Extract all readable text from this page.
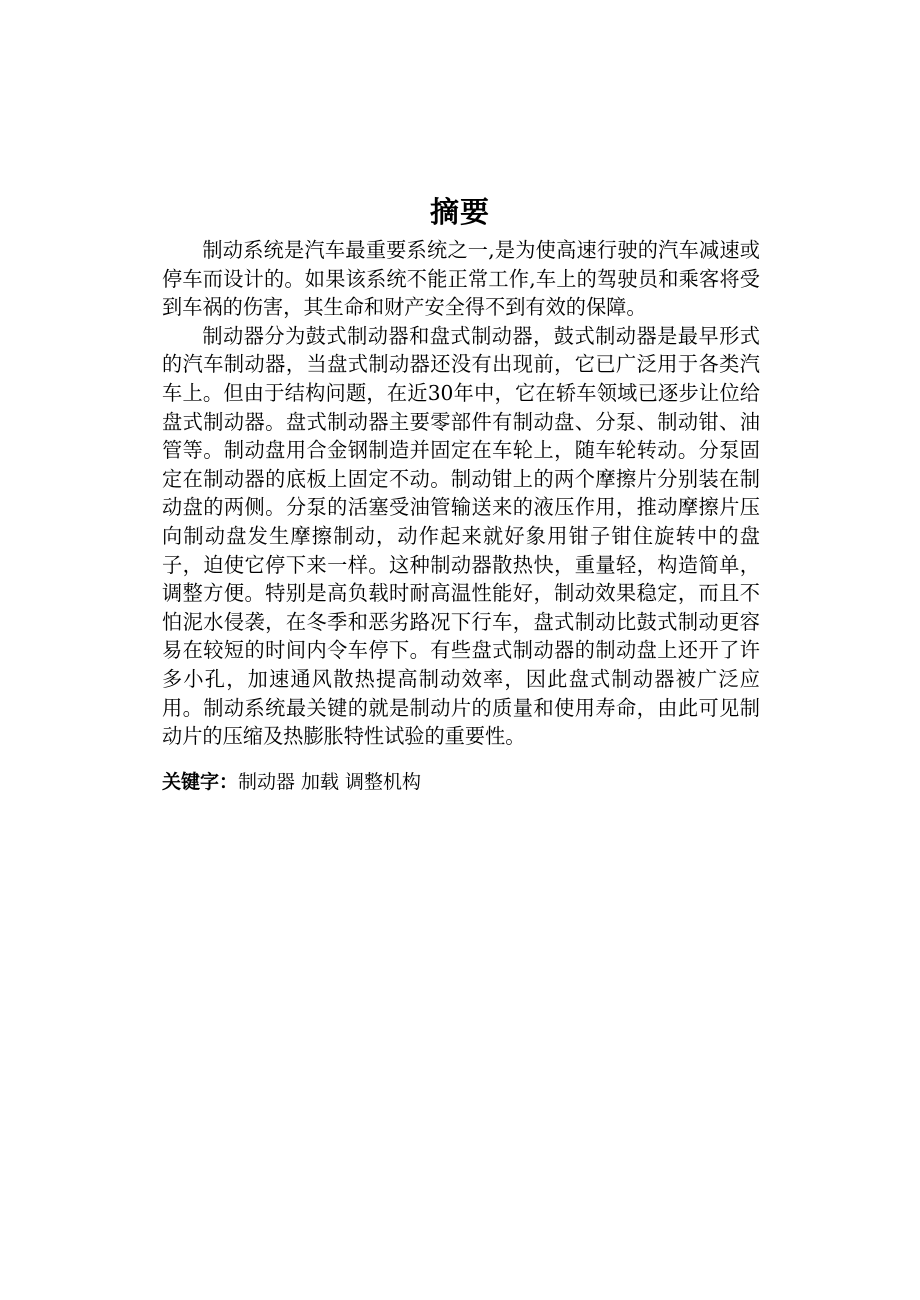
摘要

制动系统是汽车最重要系统之一,是为使高速行驶的汽车减速或停车而设计的。如果该系统不能正常工作,车上的驾驶员和乘客将受到车祸的伤害，其生命和财产安全得不到有效的保障。

制动器分为鼓式制动器和盘式制动器，鼓式制动器是最早形式的汽车制动器，当盘式制动器还没有出现前，它已广泛用于各类汽车上。但由于结构问题，在近30年中，它在轿车领域已逐步让位给盘式制动器。盘式制动器主要零部件有制动盘、分泵、制动钳、油管等。制动盘用合金钢制造并固定在车轮上，随车轮转动。分泵固定在制动器的底板上固定不动。制动钳上的两个摩擦片分别装在制动盘的两侧。分泵的活塞受油管输送来的液压作用，推动摩擦片压向制动盘发生摩擦制动，动作起来就好象用钳子钳住旋转中的盘子，迫使它停下来一样。这种制动器散热快，重量轻，构造简单，调整方便。特别是高负载时耐高温性能好，制动效果稳定，而且不怕泥水侵袭，在冬季和恶劣路况下行车，盘式制动比鼓式制动更容易在较短的时间内令车停下。有些盘式制动器的制动盘上还开了许多小孔，加速通风散热提高制动效率，因此盘式制动器被广泛应用。制动系统最关键的就是制动片的质量和使用寿命，由此可见制动片的压缩及热膨胀特性试验的重要性。

关键字：制动器 加载 调整机构
